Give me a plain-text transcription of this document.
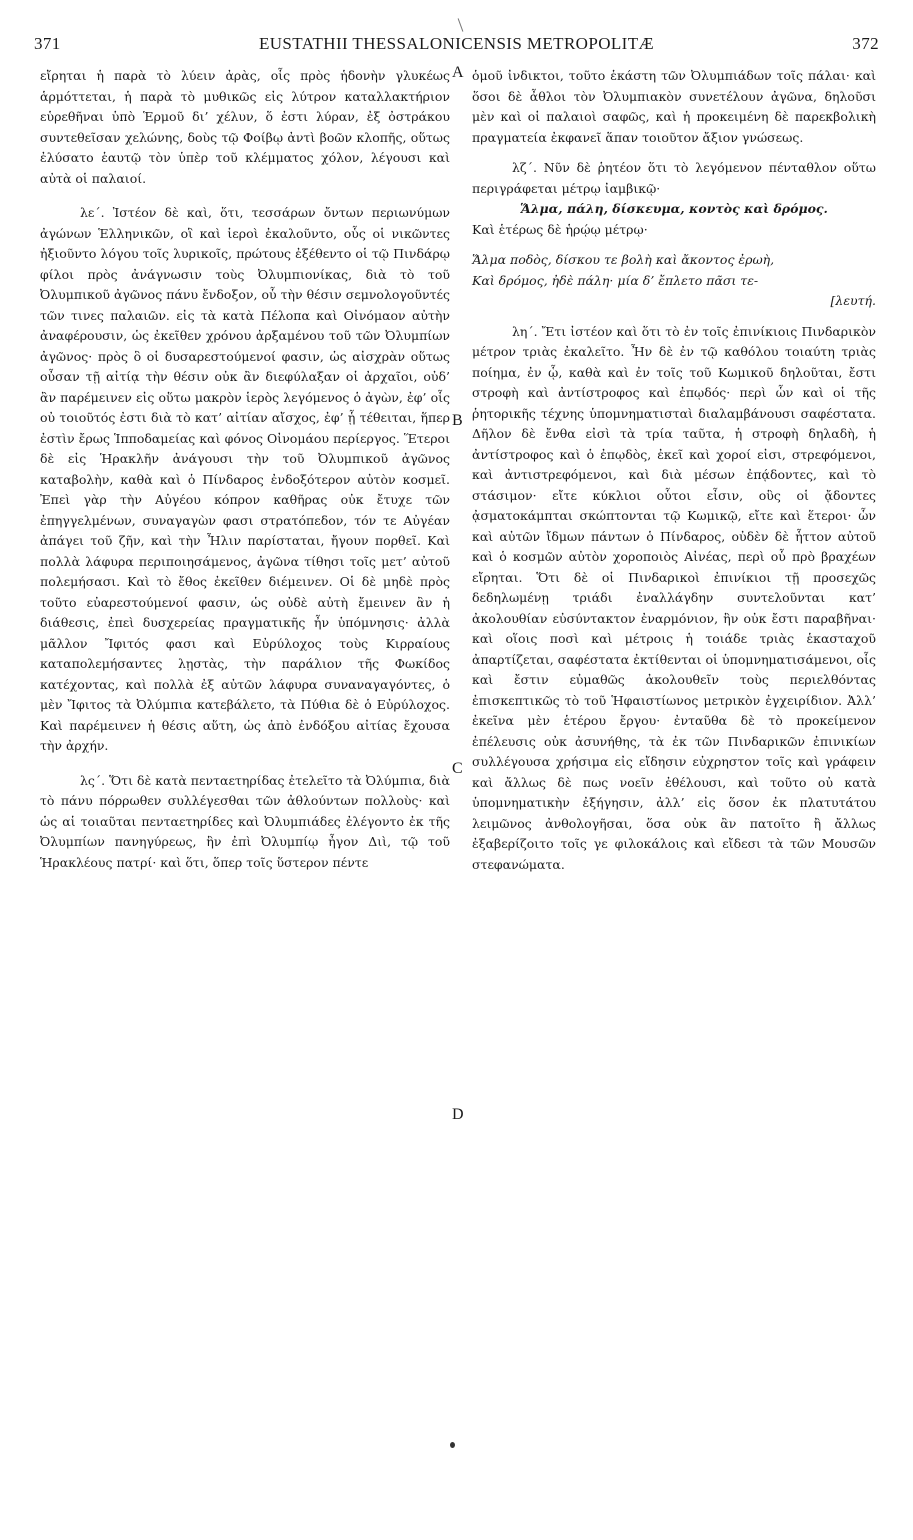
371	EUSTATHII THESSALONICENSIS METROPOLITÆ	372

εἴρηται ἡ παρὰ τὸ λύειν ἀρὰς, οἷς πρὸς ἡδονὴν γλυκέως ἁρμόττεται, ἡ παρὰ τὸ μυθικῶς εἰς λύτρον καταλλακτήριον εὑρεθῆναι ὑπὸ Ἑρμοῦ δι’ χέλυν, ὅ ἐστι λύραν, ἐξ ὀστράκου συντεθεῖσαν χελώνης, δοὺς τῷ Φοίβῳ ἀντὶ βοῶν κλοπῆς, οὕτως ἐλύσατο ἑαυτῷ τὸν ὑπὲρ τοῦ κλέμματος χόλον, λέγουσι καὶ αὐτὰ οἱ παλαιοί.

λε΄. Ἰστέον δὲ καὶ, ὅτι, τεσσάρων ὄντων περιωνύμων ἀγώνων Ἑλληνικῶν, οἳ καὶ ἱεροὶ ἐκαλοῦντο, οὗς οἱ νικῶντες ἠξιοῦντο λόγου τοῖς λυρικοῖς, πρώτους ἐξέθεντο οἱ τῷ Πινδάρῳ φίλοι πρὸς ἀνάγνωσιν τοὺς Ὀλυμπιονίκας, διὰ τὸ τοῦ Ὀλυμπικοῦ ἀγῶνος πάνυ ἔνδοξον, οὗ τὴν θέσιν σεμνολογοῦντές τῶν τινες παλαιῶν. εἰς τὰ κατὰ Πέλοπα καὶ Οἰνόμαον αὐτὴν ἀναφέρουσιν, ὡς ἐκεῖθεν χρόνου ἀρξαμένου τοῦ τῶν Ὀλυμπίων ἀγῶνος· πρὸς ὃ οἱ δυσαρεστούμενοί φασιν, ὡς αἰσχρὰν οὕτως οὖσαν τῇ αἰτίᾳ τὴν θέσιν οὐκ ἂν διεφύλαξαν οἱ ἀρχαῖοι, οὐδ’ ἂν παρέμεινεν εἰς οὕτω μακρὸν ἱερὸς λεγόμενος ὁ ἀγὼν, ἐφ’ οἷς οὐ τοιοῦτός ἐστι διὰ τὸ κατ’ αἰτίαν αἴσχος, ἐφ’ ᾗ τέθειται, ἥπερ ἐστὶν ἔρως Ἱπποδαμείας καὶ φόνος Οἰνομάου περίεργος. Ἕτεροι δὲ εἰς Ἡρακλῆν ἀνάγουσι τὴν τοῦ Ὀλυμπικοῦ ἀγῶνος καταβολὴν, καθὰ καὶ ὁ Πίνδαρος ἐνδοξότερον αὐτὸν κοσμεῖ. Ἐπεὶ γὰρ τὴν Αὐγέου κόπρον καθῆρας οὐκ ἔτυχε τῶν ἐπηγγελμένων, συναγαγὼν φασι στρατόπεδον, τόν τε Αὐγέαν ἀπάγει τοῦ ζῆν, καὶ τὴν Ἦλιν παρίσταται, ἤγουν πορθεῖ. Καὶ πολλὰ λάφυρα περιποιησάμενος, ἀγῶνα τίθησι τοῖς μετ’ αὐτοῦ πολεμήσασι. Καὶ τὸ ἔθος ἐκεῖθεν διέμεινεν. Οἱ δὲ μηδὲ πρὸς τοῦτο εὐαρεστούμενοί φασιν, ὡς οὐδὲ αὐτὴ ἔμεινεν ἂν ἡ διάθεσις, ἐπεὶ δυσχερείας πραγματικῆς ἦν ὑπόμνησις· ἀλλὰ μᾶλλον Ἴφιτός φασι καὶ Εὐρύλοχος τοὺς Κιρραίους καταπολεμήσαντες λῃστὰς, τὴν παράλιον τῆς Φωκίδος κατέχοντας, καὶ πολλὰ ἐξ αὐτῶν λάφυρα συναναγαγόντες, ὁ μὲν Ἴφιτος τὰ Ὀλύμπια κατεβάλετο, τὰ Πύθια δὲ ὁ Εὐρύλοχος. Καὶ παρέμεινεν ἡ θέσις αὕτη, ὡς ἀπὸ ἐνδόξου αἰτίας ἔχουσα τὴν ἀρχήν.

λς΄. Ὅτι δὲ κατὰ πενταετηρίδας ἐτελεῖτο τὰ Ὀλύμπια, διὰ τὸ πάνυ πόρρωθεν συλλέγεσθαι τῶν ἀθλούντων πολλοὺς· καὶ ὡς αἱ τοιαῦται πενταετηρίδες καὶ Ὀλυμπιάδες ἐλέγοντο ἐκ τῆς Ὀλυμπίων πανηγύρεως, ἣν ἐπὶ Ὀλυμπίῳ ἦγον Διὶ, τῷ τοῦ Ἡρακλέους πατρί· καὶ ὅτι, ὅπερ τοῖς ὕστερον πέντε

ὁμοῦ ἰνδικτοι, τοῦτο ἑκάστη τῶν Ὀλυμπιάδων τοῖς πάλαι· καὶ ὅσοι δὲ ἆθλοι τὸν Ὀλυμπιακὸν συνετέλουν ἀγῶνα, δηλοῦσι μὲν καὶ οἱ παλαιοὶ σαφῶς, καὶ ἡ προκειμένη δὲ παρεκβολικὴ πραγματεία ἐκφανεῖ ἅπαν τοιοῦτον ἄξιον γνώσεως.

λζ΄. Νῦν δὲ ῥητέον ὅτι τὸ λεγόμενον πένταθλον οὕτω περιγράφεται μέτρῳ ἰαμβικῷ·

Ἅλμα, πάλη, δίσκευμα, κοντὸς καὶ δρόμος.

Καὶ ἑτέρως δὲ ἡρῴῳ μέτρῳ·

Ἅλμα ποδὸς, δίσκου τε βολὴ καὶ ἄκοντος ἐρωὴ,
Καὶ δρόμος, ἠδὲ πάλη· μία δ’ ἔπλετο πᾶσι τε-
[λευτή.

λη΄. Ἔτι ἰστέον καὶ ὅτι τὸ ἐν τοῖς ἐπινίκιοις Πινδαρικὸν μέτρον τριὰς ἐκαλεῖτο. Ἦν δὲ ἐν τῷ καθόλου τοιαύτη τριὰς ποίημα, ἐν ᾧ, καθὰ καὶ ἐν τοῖς τοῦ Κωμικοῦ δηλοῦται, ἔστι στροφὴ καὶ ἀντίστροφος καὶ ἐπῳδός· περὶ ὧν καὶ οἱ τῆς ῥητορικῆς τέχνης ὑπομνηματισταὶ διαλαμβάνουσι σαφέστατα. Δῆλον δὲ ἔνθα εἰσὶ τὰ τρία ταῦτα, ἡ στροφὴ δηλαδὴ, ἡ ἀντίστροφος καὶ ὁ ἐπῳδὸς, ἐκεῖ καὶ χοροί εἰσι, στρεφόμενοι, καὶ ἀντιστρεφόμενοι, καὶ διὰ μέσων ἐπᾴδοντες, καὶ τὸ στάσιμον· εἴτε κύκλιοι οὗτοι εἶσιν, οὓς οἱ ᾄδοντες ᾀσματοκάμπται σκώπτονται τῷ Κωμικῷ, εἴτε καὶ ἕτεροι· ὧν καὶ αὐτῶν ἴδμων πάντων ὁ Πίνδαρος, οὐδὲν δὲ ἧττον αὐτοῦ καὶ ὁ κοσμῶν αὐτὸν χοροποιὸς Αἰνέας, περὶ οὗ πρὸ βραχέων εἴρηται. Ὅτι δὲ οἱ Πινδαρικοὶ ἐπινίκιοι τῇ προσεχῶς δεδηλωμένῃ τριάδι ἐναλλάγδην συντελοῦνται κατ’ ἀκολουθίαν εὐσύντακτον ἐναρμόνιον, ἣν οὐκ ἔστι παραβῆναι· καὶ οἵοις ποσὶ καὶ μέτροις ἡ τοιάδε τριὰς ἑκασταχοῦ ἀπαρτίζεται, σαφέστατα ἐκτίθενται οἱ ὑπομνηματισάμενοι, οἷς καὶ ἔστιν εὐμαθῶς ἀκολουθεῖν τοὺς περιελθόντας ἐπισκεπτικῶς τὸ τοῦ Ἡφαιστίωνος μετρικὸν ἐγχειρίδιον. Ἀλλ’ ἐκεῖνα μὲν ἑτέρου ἔργου· ἐνταῦθα δὲ τὸ προκείμενον ἐπέλευσις οὐκ ἀσυνήθης, τὰ ἐκ τῶν Πινδαρικῶν ἐπινικίων συλλέγουσα χρήσιμα εἰς εἴδησιν εὐχρηστον τοῖς καὶ γράφειν καὶ ἄλλως δὲ πως νοεῖν ἐθέλουσι, καὶ τοῦτο οὐ κατὰ ὑπομνηματικὴν ἐξήγησιν, ἀλλ’ εἰς ὅσον ἐκ πλατυτάτου λειμῶνος ἀνθολογῆσαι, ὅσα οὐκ ἂν πατοῖτο ἢ ἄλλως ἐξαβερίζοιτο τοῖς γε φιλοκάλοις καὶ εἴδεσι τὰ τῶν Μουσῶν στεφανώματα.

A
B
C
D
